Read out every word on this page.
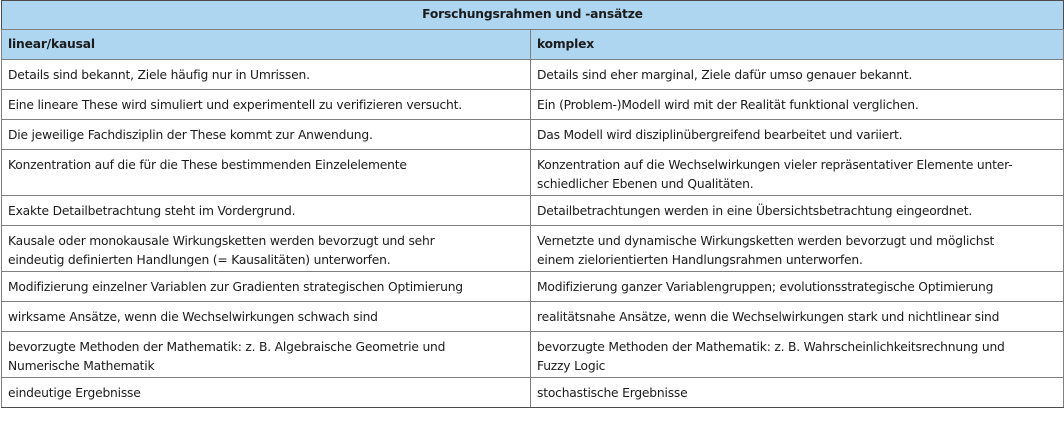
Forschungsrahmen und -ansätze	
linear/kausal	komplex
Details sind bekannt, Ziele häufig nur in Umrissen.	Details sind eher marginal, Ziele dafür umso genauer bekannt.
Eine lineare These wird simuliert und experimentell zu verifizieren versucht.	Ein (Problem-)Modell wird mit der Realität funktional verglichen.
Die jeweilige Fachdisziplin der These kommt zur Anwendung.	Das Modell wird disziplinübergreifend bearbeitet und variiert.
Konzentration auf die für die These bestimmenden Einzelelemente	Konzentration auf die Wechselwirkungen vieler repräsentativer Elemente unter-
schiedlicher Ebenen und Qualitäten.
Exakte Detailbetrachtung steht im Vordergrund.	Detailbetrachtungen werden in eine Übersichtsbetrachtung eingeordnet.
Kausale oder monokausale Wirkungsketten werden bevorzugt und sehr
eindeutig definierten Handlungen (= Kausalitäten) unterworfen.	Vernetzte und dynamische Wirkungsketten werden bevorzugt und möglichst
einem zielorientierten Handlungsrahmen unterworfen.
Modifizierung einzelner Variablen zur Gradienten strategischen Optimierung	Modifizierung ganzer Variablengruppen; evolutionsstrategische Optimierung
wirksame Ansätze, wenn die Wechselwirkungen schwach sind	realitätsnahe Ansätze, wenn die Wechselwirkungen stark und nichtlinear sind
bevorzugte Methoden der Mathematik: z. B. Algebraische Geometrie und
Numerische Mathematik	bevorzugte Methoden der Mathematik: z. B. Wahrscheinlichkeitsrechnung und
Fuzzy Logic
eindeutige Ergebnisse	stochastische Ergebnisse
